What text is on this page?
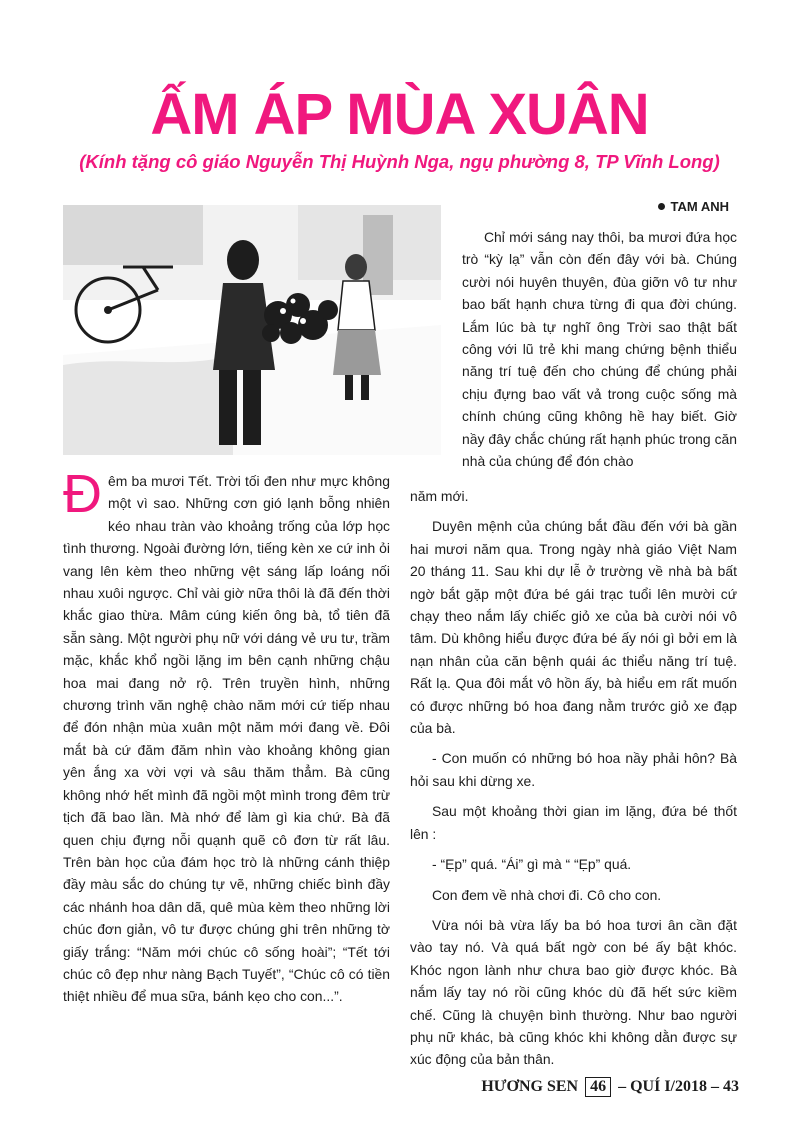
ẤM ÁP MÙA XUÂN
(Kính tặng cô giáo Nguyễn Thị Huỳnh Nga, ngụ phường 8, TP Vĩnh Long)
TAM ANH

Chỉ mới sáng nay thôi, ba mươi đứa học trò “kỳ lạ” vẫn còn đến đây với bà. Chúng cười nói huyên thuyên, đùa giỡn vô tư như bao bất hạnh chưa từng đi qua đời chúng. Lắm lúc bà tự nghĩ ông Trời sao thật bất công với lũ trẻ khi mang chứng bệnh thiểu năng trí tuệ đến cho chúng để chúng phải chịu đựng bao vất vả trong cuộc sống mà chính chúng cũng không hề hay biết. Giờ nầy đây chắc chúng rất hạnh phúc trong căn nhà của chúng để đón chào

Đêm ba mươi Tết. Trời tối đen như mực không một vì sao. Những cơn gió lạnh bỗng nhiên kéo nhau tràn vào khoảng trống của lớp học tình thương. Ngoài đường lớn, tiếng kèn xe cứ inh ỏi vang lên kèm theo những vệt sáng lấp loáng nối nhau xuôi ngược. Chỉ vài giờ nữa thôi là đã đến thời khắc giao thừa. Mâm cúng kiến ông bà, tổ tiên đã sẵn sàng. Một người phụ nữ với dáng vẻ ưu tư, trầm mặc, khắc khổ ngồi lặng im bên cạnh những chậu hoa mai đang nở rộ. Trên truyền hình, những chương trình văn nghệ chào năm mới cứ tiếp nhau để đón nhận mùa xuân một năm mới đang về. Đôi mắt bà cứ đăm đăm nhìn vào khoảng không gian yên ắng xa vời vợi và sâu thăm thẳm. Bà cũng không nhớ hết mình đã ngồi một mình trong đêm trừ tịch đã bao lần. Mà nhớ để làm gì kia chứ. Bà đã quen chịu đựng nỗi quạnh quẽ cô đơn từ rất lâu. Trên bàn học của đám học trò là những cánh thiệp đầy màu sắc do chúng tự vẽ, những chiếc bình đầy các nhánh hoa dân dã, quê mùa kèm theo những lời chúc đơn giản, vô tư được chúng ghi trên những tờ giấy trắng: “Năm mới chúc cô sống hoài”; “Tết tới chúc cô đẹp như nàng Bạch Tuyết”, “Chúc cô có tiền thiệt nhiều để mua sữa, bánh kẹo cho con...”.

năm mới.

Duyên mệnh của chúng bắt đầu đến với bà gần hai mươi năm qua. Trong ngày nhà giáo Việt Nam 20 tháng 11. Sau khi dự lễ ở trường về nhà bà bất ngờ bắt gặp một đứa bé gái trạc tuổi lên mười cứ chạy theo nắm lấy chiếc giỏ xe của bà cười nói vô tâm. Dù không hiểu được đứa bé ấy nói gì bởi em là nạn nhân của căn bệnh quái ác thiểu năng trí tuệ. Rất lạ. Qua đôi mắt vô hồn ấy, bà hiểu em rất muốn có được những bó hoa đang nằm trước giỏ xe đạp của bà.

- Con muốn có những bó hoa nầy phải hôn? Bà hỏi sau khi dừng xe.

Sau một khoảng thời gian im lặng, đứa bé thốt lên :

- “Ẹp” quá. “Ái” gì mà “ “Ẹp” quá.

Con đem về nhà chơi đi. Cô cho con.

Vừa nói bà vừa lấy ba bó hoa tươi ân cần đặt vào tay nó. Và quá bất ngờ con bé ấy bật khóc. Khóc ngon lành như chưa bao giờ được khóc. Bà nắm lấy tay nó rồi cũng khóc dù đã hết sức kiềm chế. Cũng là chuyện bình thường. Như bao người phụ nữ khác, bà cũng khóc khi không dằn được sự xúc động của bản thân.

HƯƠNG SEN 46 – QUÍ I/2018 – 43
